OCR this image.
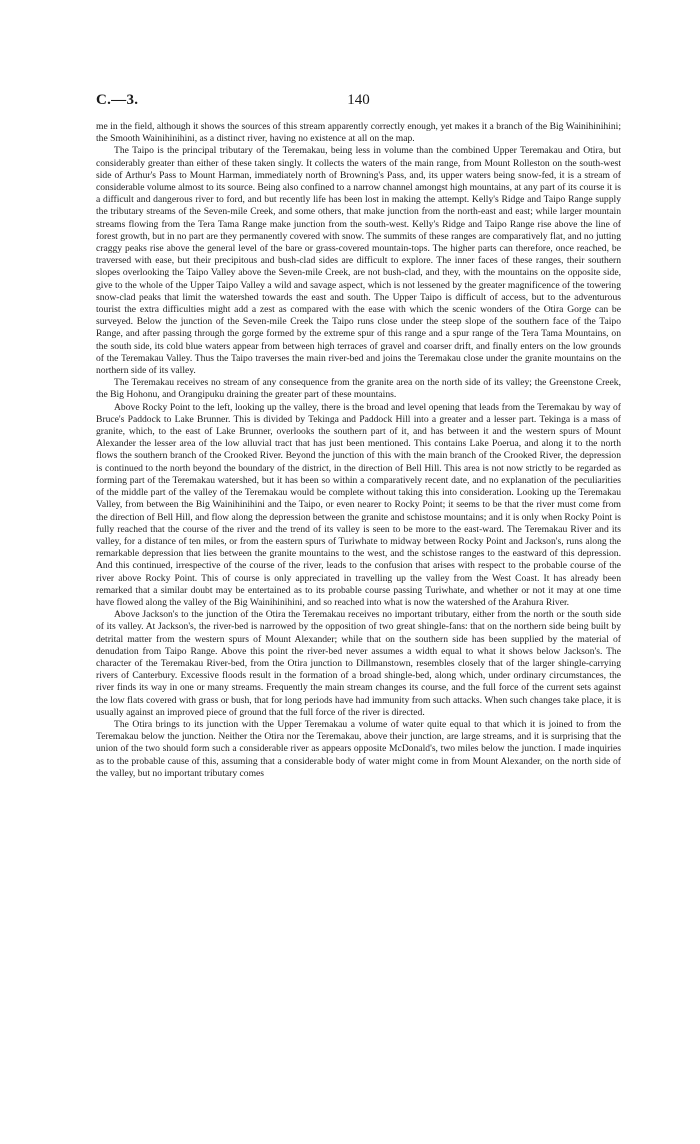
140
C.—3.

me in the field, although it shows the sources of this stream apparently correctly enough, yet makes it a branch of the Big Wainihinihini; the Smooth Wainihinihini, as a distinct river, having no existence at all on the map.

The Taipo is the principal tributary of the Teremakau, being less in volume than the combined Upper Teremakau and Otira, but considerably greater than either of these taken singly. It collects the waters of the main range, from Mount Rolleston on the south-west side of Arthur's Pass to Mount Harman, immediately north of Browning's Pass, and, its upper waters being snow-fed, it is a stream of considerable volume almost to its source. Being also confined to a narrow channel amongst high mountains, at any part of its course it is a difficult and dangerous river to ford, and but recently life has been lost in making the attempt. Kelly's Ridge and Taipo Range supply the tributary streams of the Seven-mile Creek, and some others, that make junction from the north-east and east; while larger mountain streams flowing from the Tera Tama Range make junction from the south-west. Kelly's Ridge and Taipo Range rise above the line of forest growth, but in no part are they permanently covered with snow. The summits of these ranges are comparatively flat, and no jutting craggy peaks rise above the general level of the bare or grass-covered mountain-tops. The higher parts can therefore, once reached, be traversed with ease, but their precipitous and bush-clad sides are difficult to explore. The inner faces of these ranges, their southern slopes overlooking the Taipo Valley above the Seven-mile Creek, are not bush-clad, and they, with the mountains on the opposite side, give to the whole of the Upper Taipo Valley a wild and savage aspect, which is not lessened by the greater magnificence of the towering snow-clad peaks that limit the watershed towards the east and south. The Upper Taipo is difficult of access, but to the adventurous tourist the extra difficulties might add a zest as compared with the ease with which the scenic wonders of the Otira Gorge can be surveyed. Below the junction of the Seven-mile Creek the Taipo runs close under the steep slope of the southern face of the Taipo Range, and after passing through the gorge formed by the extreme spur of this range and a spur range of the Tera Tama Mountains, on the south side, its cold blue waters appear from between high terraces of gravel and coarser drift, and finally enters on the low grounds of the Teremakau Valley. Thus the Taipo traverses the main river-bed and joins the Teremakau close under the granite mountains on the northern side of its valley.

The Teremakau receives no stream of any consequence from the granite area on the north side of its valley; the Greenstone Creek, the Big Hohonu, and Orangipuku draining the greater part of these mountains.

Above Rocky Point to the left, looking up the valley, there is the broad and level opening that leads from the Teremakau by way of Bruce's Paddock to Lake Brunner. This is divided by Tekinga and Paddock Hill into a greater and a lesser part. Tekinga is a mass of granite, which, to the east of Lake Brunner, overlooks the southern part of it, and has between it and the western spurs of Mount Alexander the lesser area of the low alluvial tract that has just been mentioned. This contains Lake Poerua, and along it to the north flows the southern branch of the Crooked River. Beyond the junction of this with the main branch of the Crooked River, the depression is continued to the north beyond the boundary of the district, in the direction of Bell Hill. This area is not now strictly to be regarded as forming part of the Teremakau watershed, but it has been so within a comparatively recent date, and no explanation of the peculiarities of the middle part of the valley of the Teremakau would be complete without taking this into consideration. Looking up the Teremakau Valley, from between the Big Wainihinihini and the Taipo, or even nearer to Rocky Point; it seems to be that the river must come from the direction of Bell Hill, and flow along the depression between the granite and schistose mountains; and it is only when Rocky Point is fully reached that the course of the river and the trend of its valley is seen to be more to the east-ward. The Teremakau River and its valley, for a distance of ten miles, or from the eastern spurs of Turiwhate to midway between Rocky Point and Jackson's, runs along the remarkable depression that lies between the granite mountains to the west, and the schistose ranges to the eastward of this depression. And this continued, irrespective of the course of the river, leads to the confusion that arises with respect to the probable course of the river above Rocky Point. This of course is only appreciated in travelling up the valley from the West Coast. It has already been remarked that a similar doubt may be entertained as to its probable course passing Turiwhate, and whether or not it may at one time have flowed along the valley of the Big Wainihinihini, and so reached into what is now the watershed of the Arahura River.

Above Jackson's to the junction of the Otira the Teremakau receives no important tributary, either from the north or the south side of its valley. At Jackson's, the river-bed is narrowed by the opposition of two great shingle-fans: that on the northern side being built by detrital matter from the western spurs of Mount Alexander; while that on the southern side has been supplied by the material of denudation from Taipo Range. Above this point the river-bed never assumes a width equal to what it shows below Jackson's. The character of the Teremakau River-bed, from the Otira junction to Dillmanstown, resembles closely that of the larger shingle-carrying rivers of Canterbury. Excessive floods result in the formation of a broad shingle-bed, along which, under ordinary circumstances, the river finds its way in one or many streams. Frequently the main stream changes its course, and the full force of the current sets against the low flats covered with grass or bush, that for long periods have had immunity from such attacks. When such changes take place, it is usually against an improved piece of ground that the full force of the river is directed.

The Otira brings to its junction with the Upper Teremakau a volume of water quite equal to that which it is joined to from the Teremakau below the junction. Neither the Otira nor the Teremakau, above their junction, are large streams, and it is surprising that the union of the two should form such a considerable river as appears opposite McDonald's, two miles below the junction. I made inquiries as to the probable cause of this, assuming that a considerable body of water might come in from Mount Alexander, on the north side of the valley, but no important tributary comes
